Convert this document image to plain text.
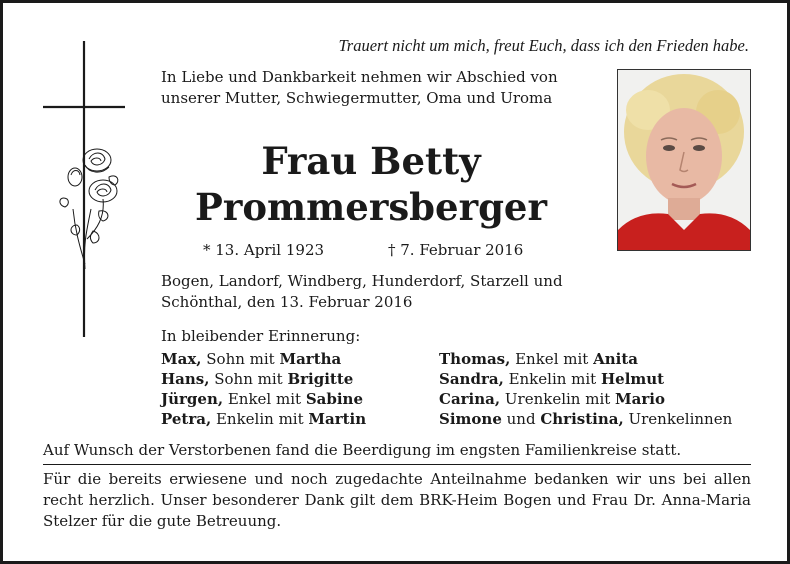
Trauert nicht um mich, freut Euch, dass ich den Frieden habe.
In Liebe und Dankbarkeit nehmen wir Abschied von unserer Mutter, Schwiegermutter, Oma und Uroma
Frau Betty
Prommersberger
* 13. April 1923	† 7. Februar 2016
Bogen, Landorf, Windberg, Hunderdorf, Starzell und Schönthal, den 13. Februar 2016
In bleibender Erinnerung:
Max, Sohn mit Martha
Hans, Sohn mit Brigitte
Jürgen, Enkel mit Sabine
Petra, Enkelin mit Martin
Thomas, Enkel mit Anita
Sandra, Enkelin mit Helmut
Carina, Urenkelin mit Mario
Simone und Christina, Urenkelinnen
Auf Wunsch der Verstorbenen fand die Beerdigung im engsten Familienkreise statt.
Für die bereits erwiesene und noch zugedachte Anteilnahme bedanken wir uns bei allen recht herzlich. Unser besonderer Dank gilt dem BRK-Heim Bogen und Frau Dr. Anna-Maria Stelzer für die gute Betreuung.
